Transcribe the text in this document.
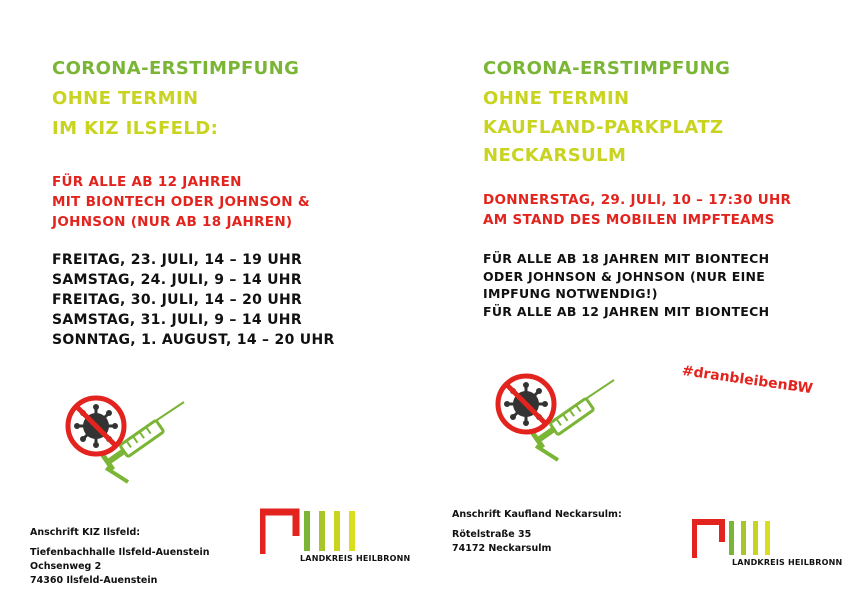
CORONA-ERSTIMPFUNG
OHNE TERMIN
IM KIZ ILSFELD:
FÜR ALLE AB 12 JAHREN
MIT BIONTECH ODER JOHNSON &
JOHNSON (NUR AB 18 JAHREN)
FREITAG, 23. JULI, 14 – 19 UHR
SAMSTAG, 24. JULI, 9 – 14 UHR
FREITAG, 30. JULI, 14 – 20 UHR
SAMSTAG, 31. JULI, 9 – 14 UHR
SONNTAG, 1. AUGUST, 14 – 20 UHR
Anschrift KIZ Ilsfeld:
Tiefenbachhalle Ilsfeld-Auenstein
Ochsenweg 2
74360 Ilsfeld-Auenstein
LANDKREIS HEILBRONN
CORONA-ERSTIMPFUNG
OHNE TERMIN
KAUFLAND-PARKPLATZ
NECKARSULM
DONNERSTAG, 29. JULI, 10 – 17:30 UHR
AM STAND DES MOBILEN IMPFTEAMS
FÜR ALLE AB 18 JAHREN MIT BIONTECH
ODER JOHNSON & JOHNSON (NUR EINE
IMPFUNG NOTWENDIG!)
FÜR ALLE AB 12 JAHREN MIT BIONTECH
#dranbleibenBW
Anschrift Kaufland Neckarsulm:
Rötelstraße 35
74172 Neckarsulm
LANDKREIS HEILBRONN
